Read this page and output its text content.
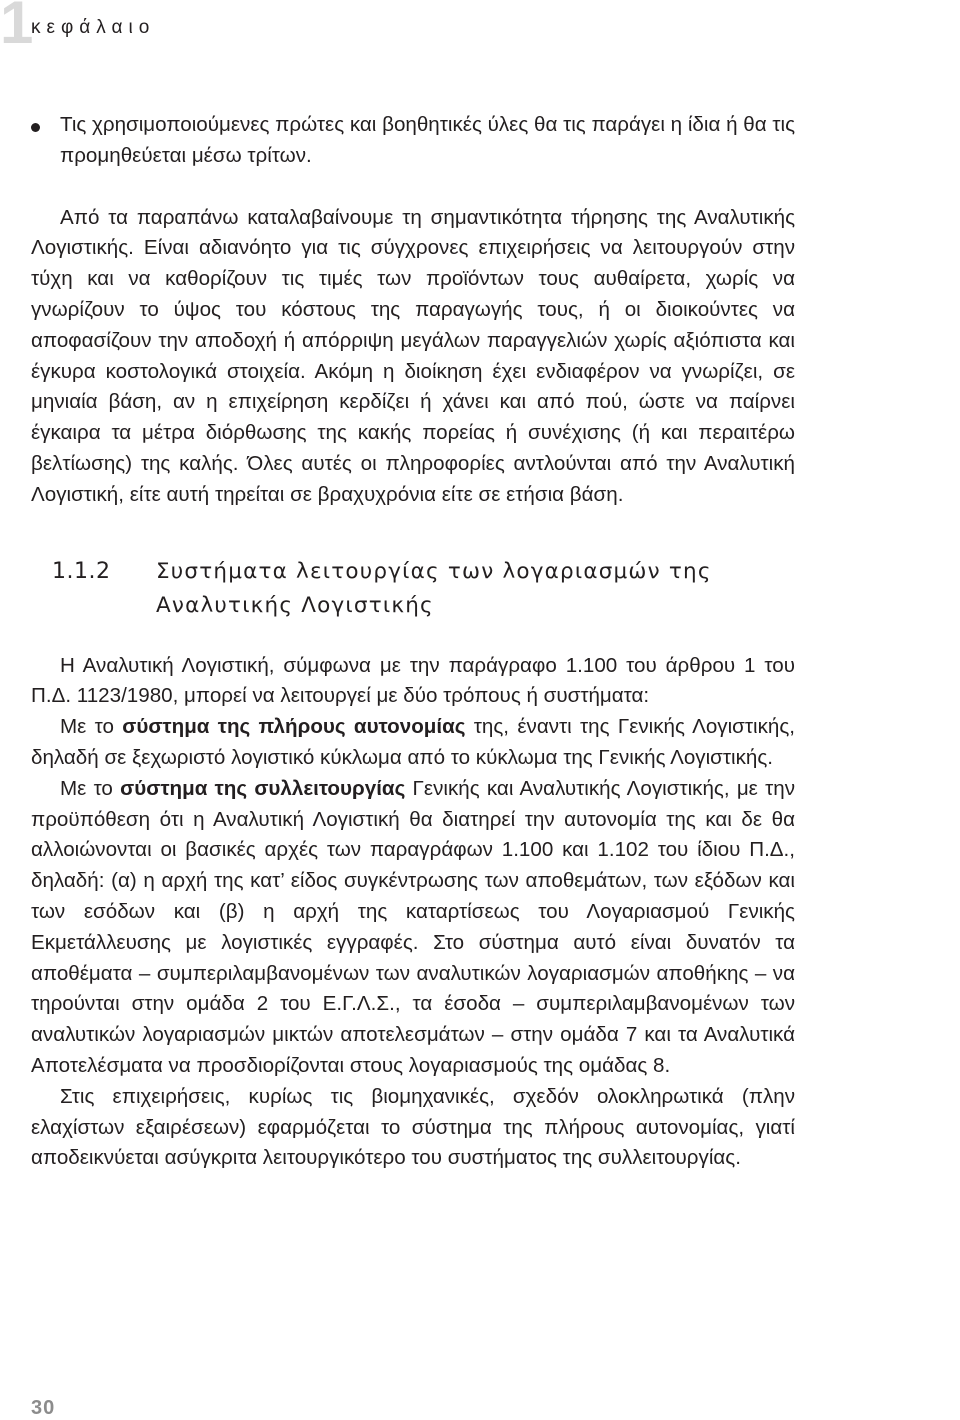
1
κεφάλαιο

Τις χρησιμοποιούμενες πρώτες και βοηθητικές ύλες θα τις παράγει η ίδια ή θα τις προμηθεύεται μέσω τρίτων.

Από τα παραπάνω καταλαβαίνουμε τη σημαντικότητα τήρησης της Αναλυτικής Λογιστικής. Είναι αδιανόητο για τις σύγχρονες επιχειρήσεις να λειτουργούν στην τύχη και να καθορίζουν τις τιμές των προϊόντων τους αυθαίρετα, χωρίς να γνωρίζουν το ύψος του κόστους της παραγωγής τους, ή οι διοικούντες να αποφασίζουν την αποδοχή ή απόρριψη μεγάλων παραγγελιών χωρίς αξιόπιστα και έγκυρα κοστολογικά στοιχεία. Ακόμη η διοίκηση έχει ενδιαφέρον να γνωρίζει, σε μηνιαία βάση, αν η επιχείρηση κερδίζει ή χάνει και από πού, ώστε να παίρνει έγκαιρα τα μέτρα διόρθωσης της κακής πορείας ή συνέχισης (ή και περαιτέρω βελτίωσης) της καλής. Όλες αυτές οι πληροφορίες αντλούνται από την Αναλυτική Λογιστική, είτε αυτή τηρείται σε βραχυχρόνια είτε σε ετήσια βάση.

1.1.2 Συστήματα λειτουργίας των λογαριασμών της
Αναλυτικής Λογιστικής

Η Αναλυτική Λογιστική, σύμφωνα με την παράγραφο 1.100 του άρθρου 1 του Π.Δ. 1123/1980, μπορεί να λειτουργεί με δύο τρόπους ή συστήματα:

Με το σύστημα της πλήρους αυτονομίας της, έναντι της Γενικής Λογιστικής, δηλαδή σε ξεχωριστό λογιστικό κύκλωμα από το κύκλωμα της Γενικής Λογιστικής.

Με το σύστημα της συλλειτουργίας Γενικής και Αναλυτικής Λογιστικής, με την προϋπόθεση ότι η Αναλυτική Λογιστική θα διατηρεί την αυτονομία της και δε θα αλλοιώνονται οι βασικές αρχές των παραγράφων 1.100 και 1.102 του ίδιου Π.Δ., δηλαδή: (α) η αρχή της κατ’ είδος συγκέντρωσης των αποθεμάτων, των εξόδων και των εσόδων και (β) η αρχή της καταρτίσεως του Λογαριασμού Γενικής Εκμετάλλευσης με λογιστικές εγγραφές. Στο σύστημα αυτό είναι δυνατόν τα αποθέματα – συμπεριλαμβανομένων των αναλυτικών λογαριασμών αποθήκης – να τηρούνται στην ομάδα 2 του Ε.Γ.Λ.Σ., τα έσοδα – συμπεριλαμβανομένων των αναλυτικών λογαριασμών μικτών αποτελεσμάτων – στην ομάδα 7 και τα Αναλυτικά Αποτελέσματα να προσδιορίζονται στους λογαριασμούς της ομάδας 8.

Στις επιχειρήσεις, κυρίως τις βιομηχανικές, σχεδόν ολοκληρωτικά (πλην ελαχίστων εξαιρέσεων) εφαρμόζεται το σύστημα της πλήρους αυτονομίας, γιατί αποδεικνύεται ασύγκριτα λειτουργικότερο του συστήματος της συλλειτουργίας.

30
